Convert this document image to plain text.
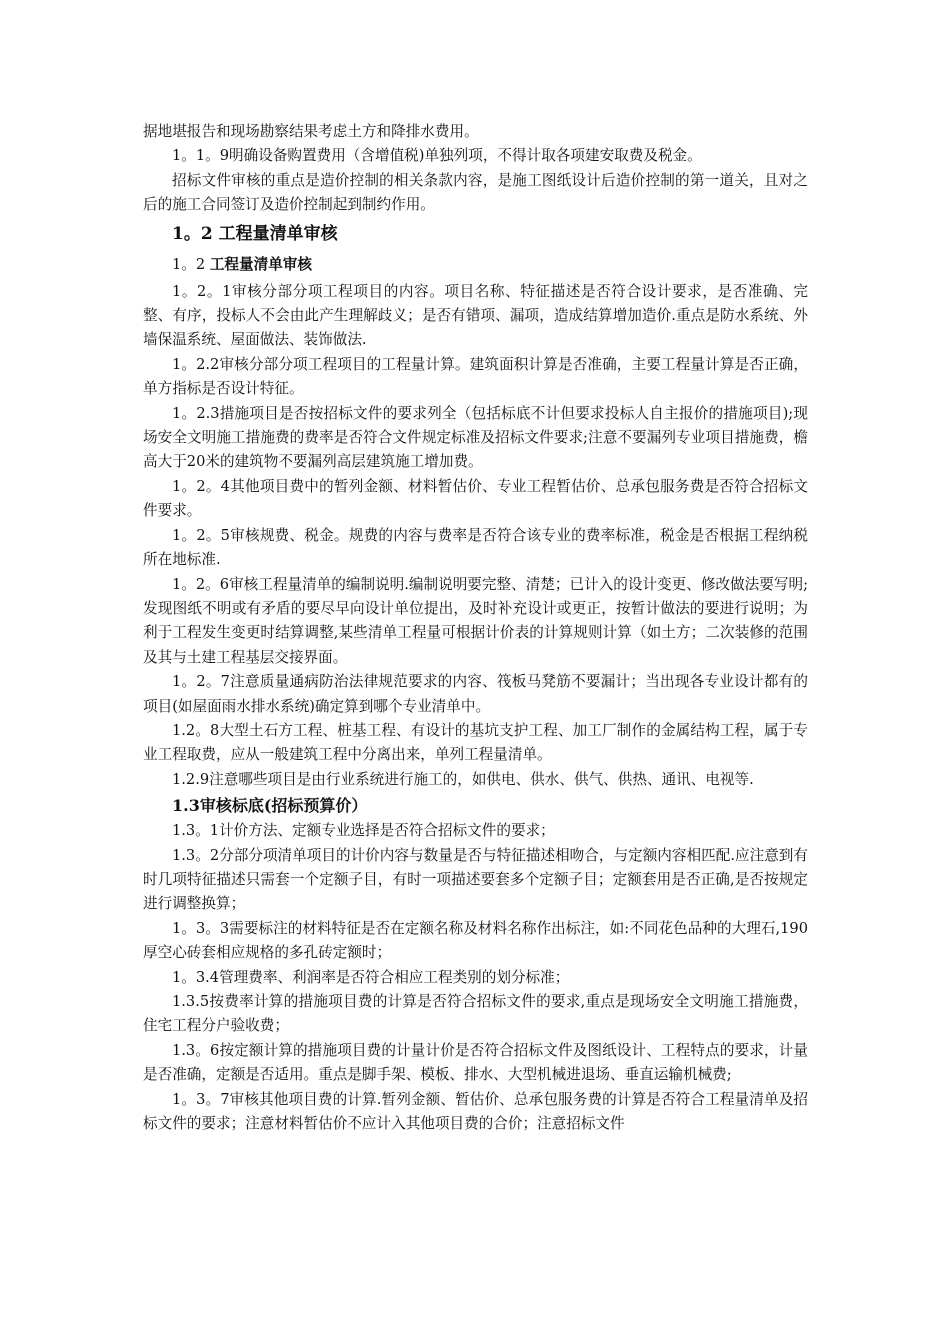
据地堪报告和现场勘察结果考虑土方和降排水费用。

1。1。9明确设备购置费用（含增值税)单独列项，不得计取各项建安取费及税金。

招标文件审核的重点是造价控制的相关条款内容，是施工图纸设计后造价控制的第一道关，且对之后的施工合同签订及造价控制起到制约作用。

1。2 工程量清单审核
1。2 工程量清单审核

1。2。1审核分部分项工程项目的内容。项目名称、特征描述是否符合设计要求，是否准确、完整、有序，投标人不会由此产生理解歧义；是否有错项、漏项，造成结算增加造价.重点是防水系统、外墙保温系统、屋面做法、装饰做法.

1。2.2审核分部分项工程项目的工程量计算。建筑面积计算是否准确，主要工程量计算是否正确，单方指标是否设计特征。

1。2.3措施项目是否按招标文件的要求列全（包括标底不计但要求投标人自主报价的措施项目);现场安全文明施工措施费的费率是否符合文件规定标准及招标文件要求;注意不要漏列专业项目措施费，檐高大于20米的建筑物不要漏列高层建筑施工增加费。

1。2。4其他项目费中的暂列金额、材料暂估价、专业工程暂估价、总承包服务费是否符合招标文件要求。

1。2。5审核规费、税金。规费的内容与费率是否符合该专业的费率标准，税金是否根据工程纳税所在地标准.

1。2。6审核工程量清单的编制说明.编制说明要完整、清楚；已计入的设计变更、修改做法要写明;发现图纸不明或有矛盾的要尽早向设计单位提出，及时补充设计或更正，按暂计做法的要进行说明；为利于工程发生变更时结算调整,某些清单工程量可根据计价表的计算规则计算（如土方；二次装修的范围及其与土建工程基层交接界面。

1。2。7注意质量通病防治法律规范要求的内容、筏板马凳筋不要漏计；当出现各专业设计都有的项目(如屋面雨水排水系统)确定算到哪个专业清单中。

1.2。8大型土石方工程、桩基工程、有设计的基坑支护工程、加工厂制作的金属结构工程，属于专业工程取费，应从一般建筑工程中分离出来，单列工程量清单。

1.2.9注意哪些项目是由行业系统进行施工的，如供电、供水、供气、供热、通讯、电视等.

1.3审核标底(招标预算价）

1.3。1计价方法、定额专业选择是否符合招标文件的要求；

1.3。2分部分项清单项目的计价内容与数量是否与特征描述相吻合，与定额内容相匹配.应注意到有时几项特征描述只需套一个定额子目，有时一项描述要套多个定额子目；定额套用是否正确,是否按规定进行调整换算；

1。3。3需要标注的材料特征是否在定额名称及材料名称作出标注，如:不同花色品种的大理石,190厚空心砖套相应规格的多孔砖定额时；

1。3.4管理费率、利润率是否符合相应工程类别的划分标准；

1.3.5按费率计算的措施项目费的计算是否符合招标文件的要求,重点是现场安全文明施工措施费，住宅工程分户验收费；

1.3。6按定额计算的措施项目费的计量计价是否符合招标文件及图纸设计、工程特点的要求，计量是否准确，定额是否适用。重点是脚手架、模板、排水、大型机械进退场、垂直运输机械费;

1。3。7审核其他项目费的计算.暂列金额、暂估价、总承包服务费的计算是否符合工程量清单及招标文件的要求；注意材料暂估价不应计入其他项目费的合价；注意招标文件
